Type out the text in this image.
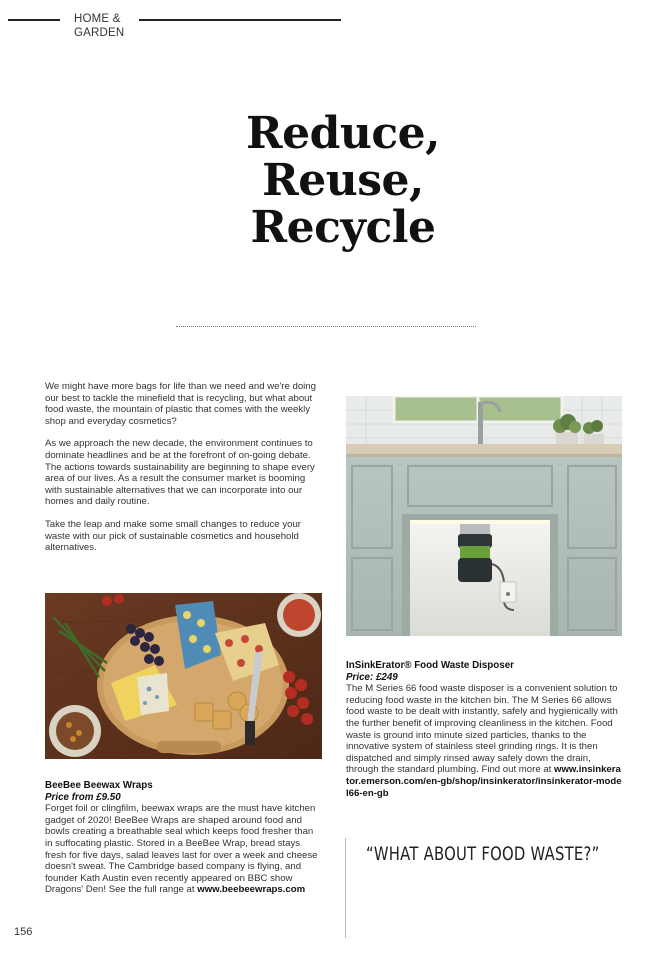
HOME &
GARDEN
Reduce,
Reuse,
Recycle

We might have more bags for life than we need and we're doing our best to tackle the minefield that is recycling, but what about food waste, the mountain of plastic that comes with the weekly shop and everyday cosmetics?

As we approach the new decade, the environment continues to dominate headlines and be at the forefront of on-going debate. The actions towards sustainability are beginning to shape every area of our lives. As a result the consumer market is booming with sustainable alternatives that we can incorporate into our homes and daily routine.

Take the leap and make some small changes to reduce your waste with our pick of sustainable cosmetics and household alternatives.

BeeBee Beewax Wraps
Price from £9.50
Forget foil or clingfilm, beewax wraps are the must have kitchen gadget of 2020! BeeBee Wraps are shaped around food and bowls creating a breathable seal which keeps food fresher than in suffocating plastic. Stored in a BeeBee Wrap, bread stays fresh for five days, salad leaves last for over a week and cheese doesn't sweat. The Cambridge based company is flying, and founder Kath Austin even recently appeared on BBC show Dragons' Den! See the full range at www.beebeewraps.com
InSinkErator® Food Waste Disposer
Price: £249
The M Series 66 food waste disposer is a convenient solution to reducing food waste in the kitchen bin. The M Series 66 allows food waste to be dealt with instantly, safely and hygienically with the further benefit of improving cleanliness in the kitchen. Food waste is ground into minute sized particles, thanks to the innovative system of stainless steel grinding rings. It is then dispatched and simply rinsed away safely down the drain, through the standard plumbing. Find out more at www.insinkerator.emerson.com/en-gb/shop/insinkerator/insinkerator-model66-en-gb
“WHAT ABOUT FOOD WASTE?”
156
